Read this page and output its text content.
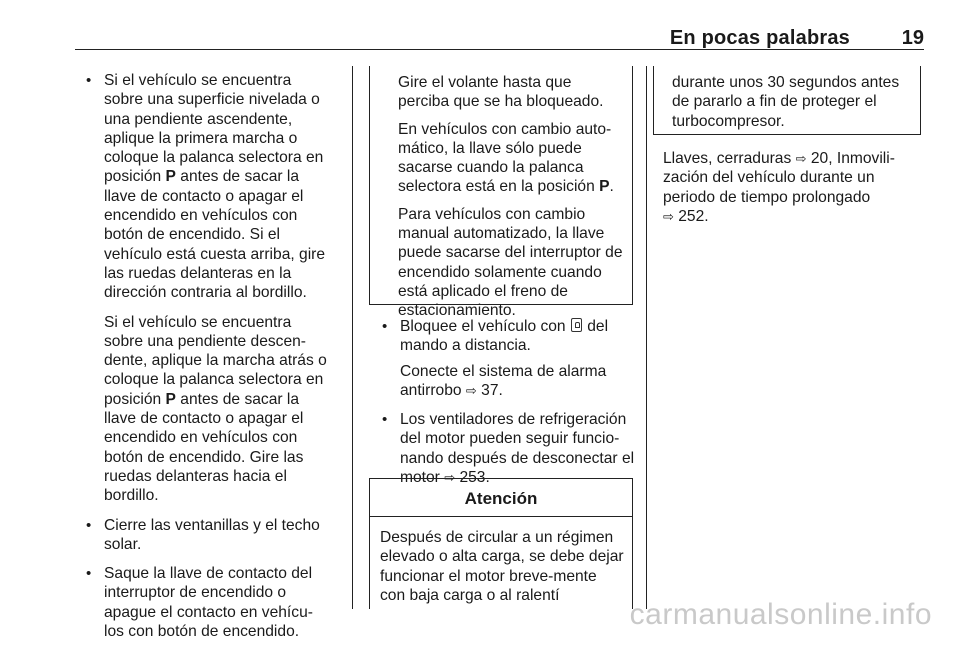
En pocas palabras	19
• Si el vehículo se encuentra sobre una superficie nivelada o una pendiente ascendente, aplique la primera marcha o coloque la palanca selectora en posición P antes de sacar la llave de contacto o apagar el encendido en vehículos con botón de encendido. Si el vehículo está cuesta arriba, gire las ruedas delanteras en la dirección contraria al bordillo.
Si el vehículo se encuentra sobre una pendiente descen‐dente, aplique la marcha atrás o coloque la palanca selectora en posición P antes de sacar la llave de contacto o apagar el encendido en vehículos con botón de encendido. Gire las ruedas delanteras hacia el bordillo.
• Cierre las ventanillas y el techo solar.
• Saque la llave de contacto del interruptor de encendido o apague el contacto en vehícu‐los con botón de encendido.
Gire el volante hasta que perciba que se ha bloqueado.
En vehículos con cambio auto‐mático, la llave sólo puede sacarse cuando la palanca selectora está en la posición P.
Para vehículos con cambio manual automatizado, la llave puede sacarse del interruptor de encendido solamente cuando está aplicado el freno de estacionamiento.
• Bloquee el vehículo con  del mando a distancia.
Conecte el sistema de alarma antirrobo ⇨ 37.
• Los ventiladores de refrigeración del motor pueden seguir funcio‐nando después de desconectar el motor ⇨ 253.
Atención
Después de circular a un régimen elevado o alta carga, se debe dejar funcionar el motor breve‐mente con baja carga o al ralentí
durante unos 30 segundos antes de pararlo a fin de proteger el turbocompresor.
Llaves, cerraduras ⇨ 20, Inmovili‐zación del vehículo durante un periodo de tiempo prolongado
⇨ 252.
carmanualsonline.info
